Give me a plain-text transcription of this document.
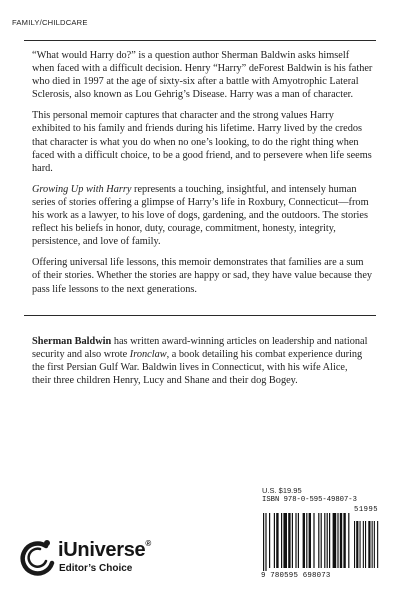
FAMILY/CHILDCARE

“What would Harry do?” is a question author Sherman Baldwin asks himself when faced with a difficult decision. Henry “Harry” deForest Baldwin is his father who died in 1997 at the age of sixty-six after a battle with Amyotrophic Lateral Sclerosis, also known as Lou Gehrig’s Disease. Harry was a man of character.

This personal memoir captures that character and the strong values Harry exhibited to his family and friends during his lifetime. Harry lived by the credos that character is what you do when no one’s looking, to do the right thing when faced with a difficult choice, to be a good friend, and to persevere when life seems hard.

Growing Up with Harry represents a touching, insightful, and intensely human series of stories offering a glimpse of Harry’s life in Roxbury, Connecticut—from his work as a lawyer, to his love of dogs, gardening, and the outdoors. The stories reflect his beliefs in honor, duty, courage, commitment, honesty, integrity, persistence, and love of family.

Offering universal life lessons, this memoir demonstrates that families are a sum of their stories. Whether the stories are happy or sad, they have value because they pass life lessons to the next generations.

Sherman Baldwin has written award-winning articles on leadership and national security and also wrote Ironclaw, a book detailing his combat experience during the first Persian Gulf War. Baldwin lives in Connecticut, with his wife Alice, their three children Henry, Lucy and Shane and their dog Bogey.

iUniverse®
Editor’s Choice
U.S. $19.95
ISBN 978-0-595-49807-3
51995
9 780595 698073
